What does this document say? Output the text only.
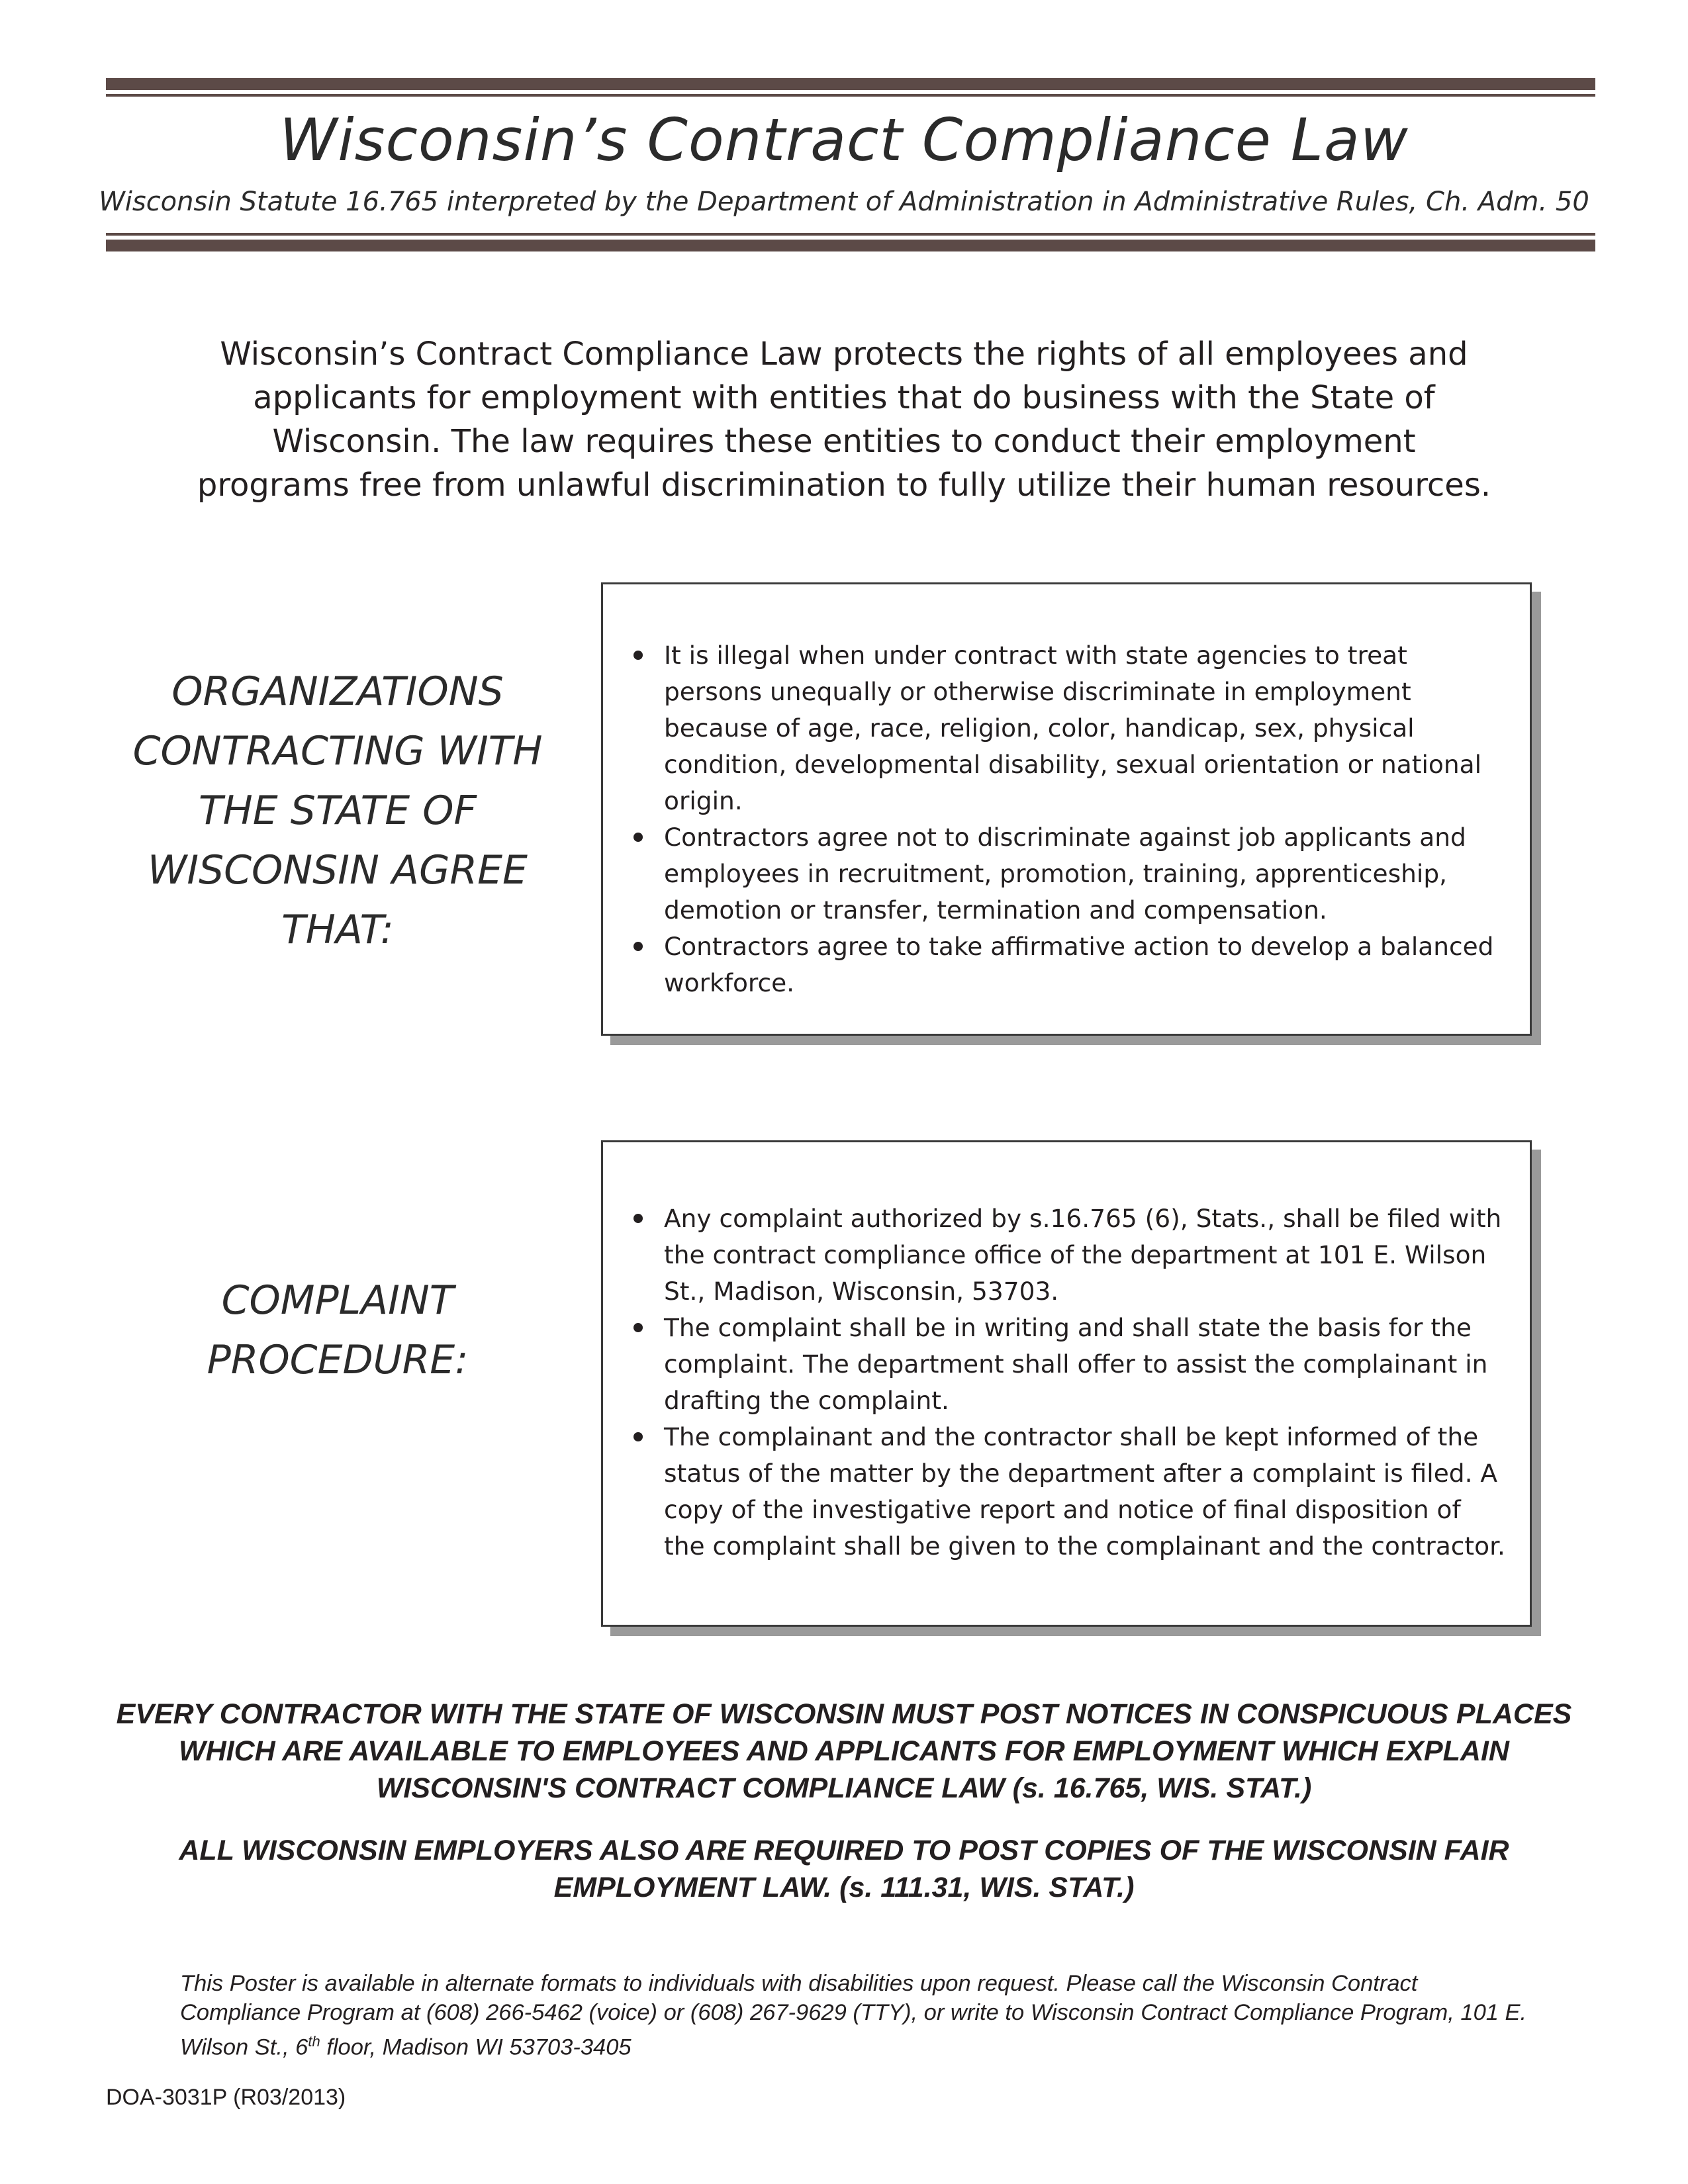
Wisconsin’s Contract Compliance Law
Wisconsin Statute 16.765 interpreted by the Department of Administration in Administrative Rules, Ch. Adm. 50
Wisconsin’s Contract Compliance Law protects the rights of all employees and applicants for employment with entities that do business with the State of Wisconsin. The law requires these entities to conduct their employment programs free from unlawful discrimination to fully utilize their human resources.
ORGANIZATIONS CONTRACTING WITH THE STATE OF WISCONSIN AGREE THAT:
It is illegal when under contract with state agencies to treat persons unequally or otherwise discriminate in employment because of age, race, religion, color, handicap, sex, physical condition, developmental disability, sexual orientation or national origin.
Contractors agree not to discriminate against job applicants and employees in recruitment, promotion, training, apprenticeship, demotion or transfer, termination and compensation.
Contractors agree to take affirmative action to develop a balanced workforce.
COMPLAINT PROCEDURE:
Any complaint authorized by s.16.765 (6), Stats., shall be filed with the contract compliance office of the department at 101 E. Wilson St., Madison, Wisconsin, 53703.
The complaint shall be in writing and shall state the basis for the complaint. The department shall offer to assist the complainant in drafting the complaint.
The complainant and the contractor shall be kept informed of the status of the matter by the department after a complaint is filed. A copy of the investigative report and notice of final disposition of the complaint shall be given to the complainant and the contractor.
EVERY CONTRACTOR WITH THE STATE OF WISCONSIN MUST POST NOTICES IN CONSPICUOUS PLACES WHICH ARE AVAILABLE TO EMPLOYEES AND APPLICANTS FOR EMPLOYMENT WHICH EXPLAIN WISCONSIN'S CONTRACT COMPLIANCE LAW (s. 16.765, WIS. STAT.)
ALL WISCONSIN EMPLOYERS ALSO ARE REQUIRED TO POST COPIES OF THE WISCONSIN FAIR EMPLOYMENT LAW. (s. 111.31, WIS. STAT.)
This Poster is available in alternate formats to individuals with disabilities upon request. Please call the Wisconsin Contract Compliance Program at (608) 266-5462 (voice) or (608) 267-9629 (TTY), or write to Wisconsin Contract Compliance Program, 101 E. Wilson St., 6th floor, Madison WI 53703-3405
DOA-3031P (R03/2013)
